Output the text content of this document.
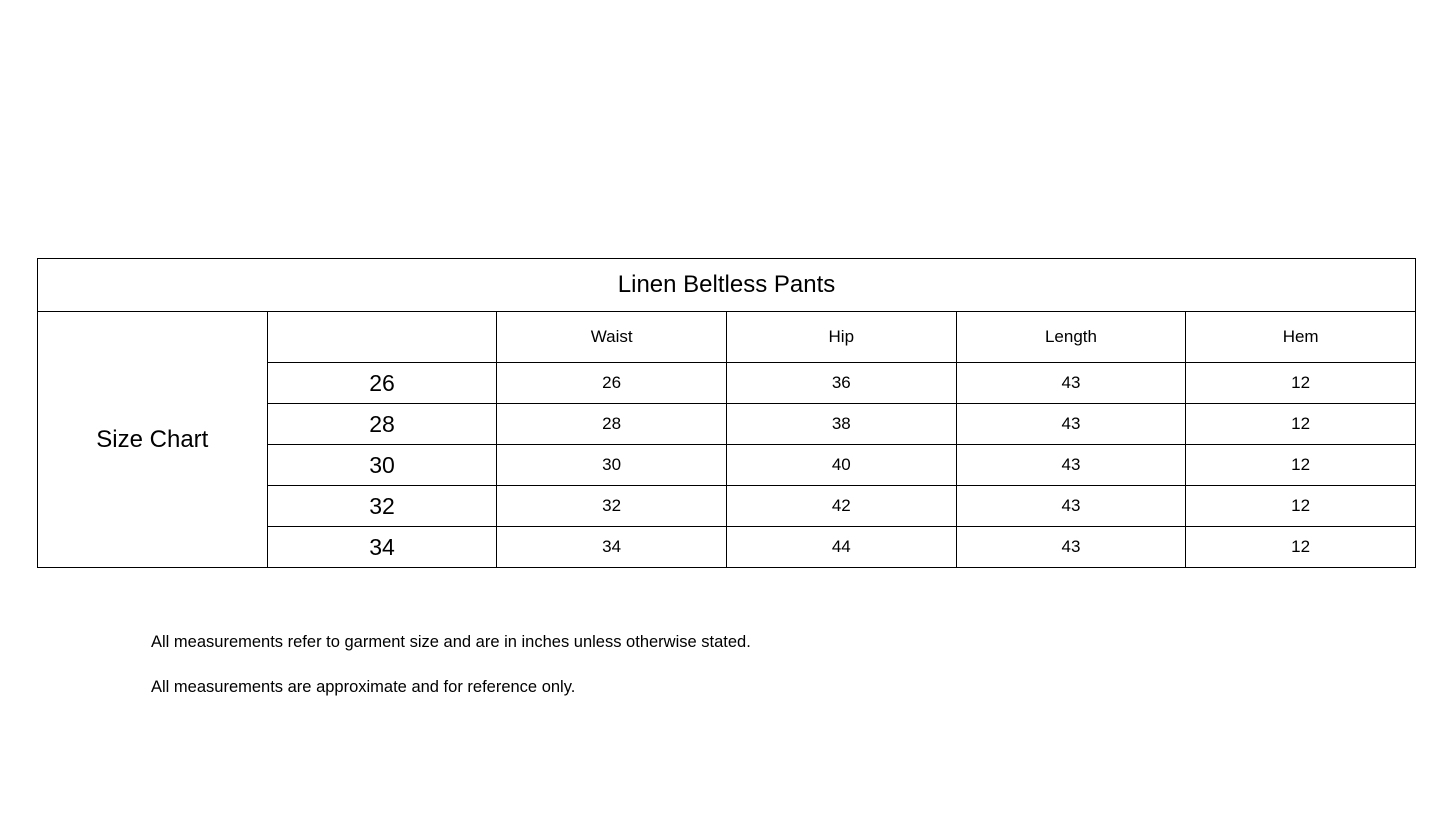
Linen Beltless Pants					
Size Chart		Waist	Hip	Length	Hem
	26	26	36	43	12
	28	28	38	43	12
	30	30	40	43	12
	32	32	42	43	12
	34	34	44	43	12

All measurements refer to garment size and are in inches unless otherwise stated.

All measurements are approximate and for reference only.
